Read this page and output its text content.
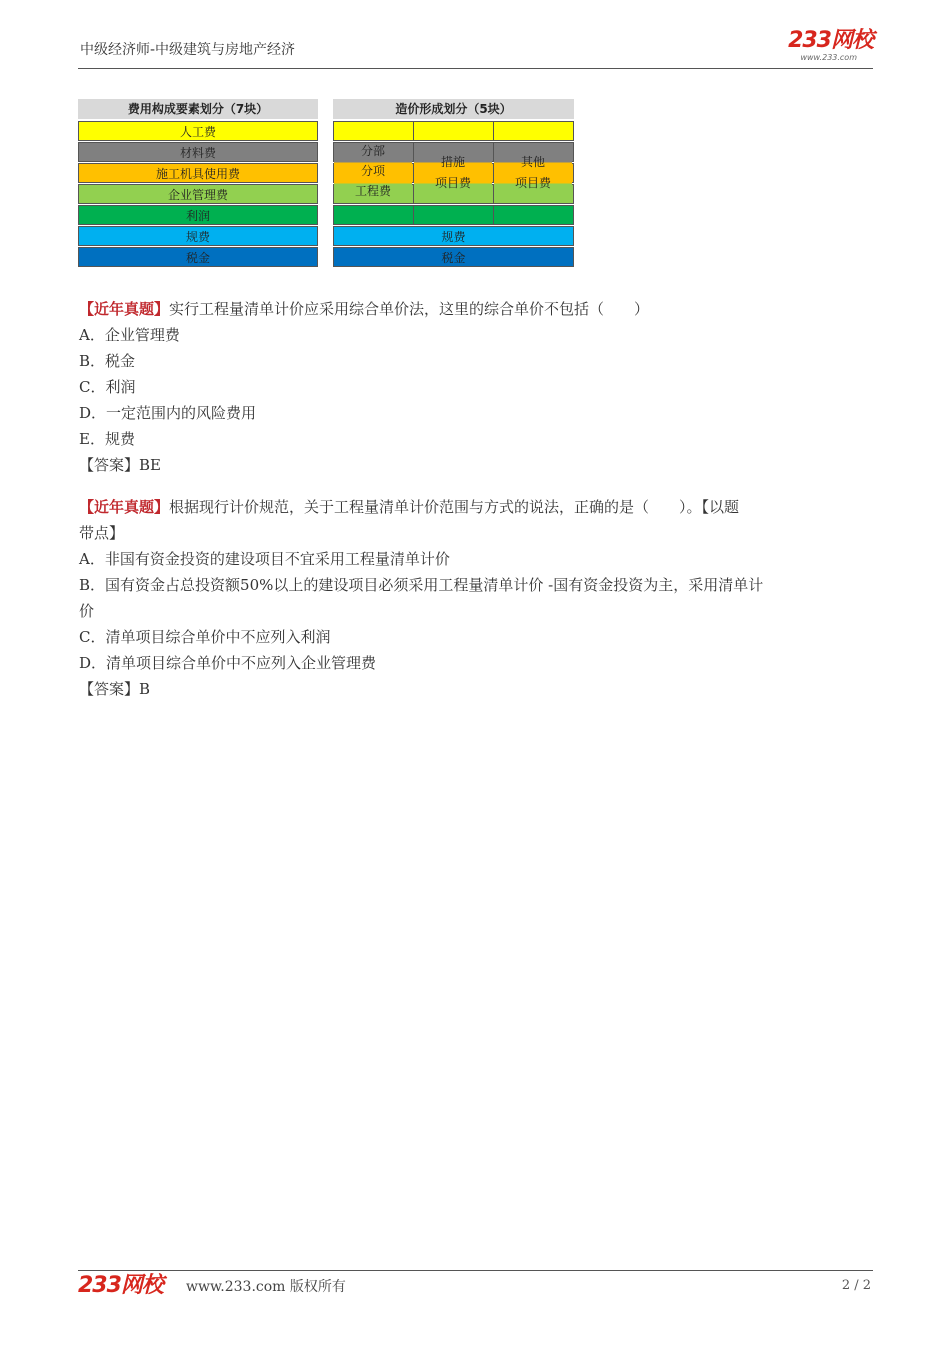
中级经济师-中级建筑与房地产经济	233网校
www.233.com
费用构成要素划分（7块）
人工费
材料费
施工机具使用费
企业管理费
利润
规费
税金
造价形成划分（5块）
分部
分项
工程费
措施
项目费
其他
项目费
规费
税金

【近年真题】实行工程量清单计价应采用综合单价法，这里的综合单价不包括（　　）

A．企业管理费

B．税金

C．利润

D．一定范围内的风险费用

E．规费

【答案】BE

【近年真题】根据现行计价规范，关于工程量清单计价范围与方式的说法，正确的是（　　）。【以题

带点】

A．非国有资金投资的建设项目不宜采用工程量清单计价

B．国有资金占总投资额50%以上的建设项目必须采用工程量清单计价 -国有资金投资为主，采用清单计

价

C．清单项目综合单价中不应列入利润

D．清单项目综合单价中不应列入企业管理费

【答案】B

233网校 www.233.com 版权所有	2 / 2
